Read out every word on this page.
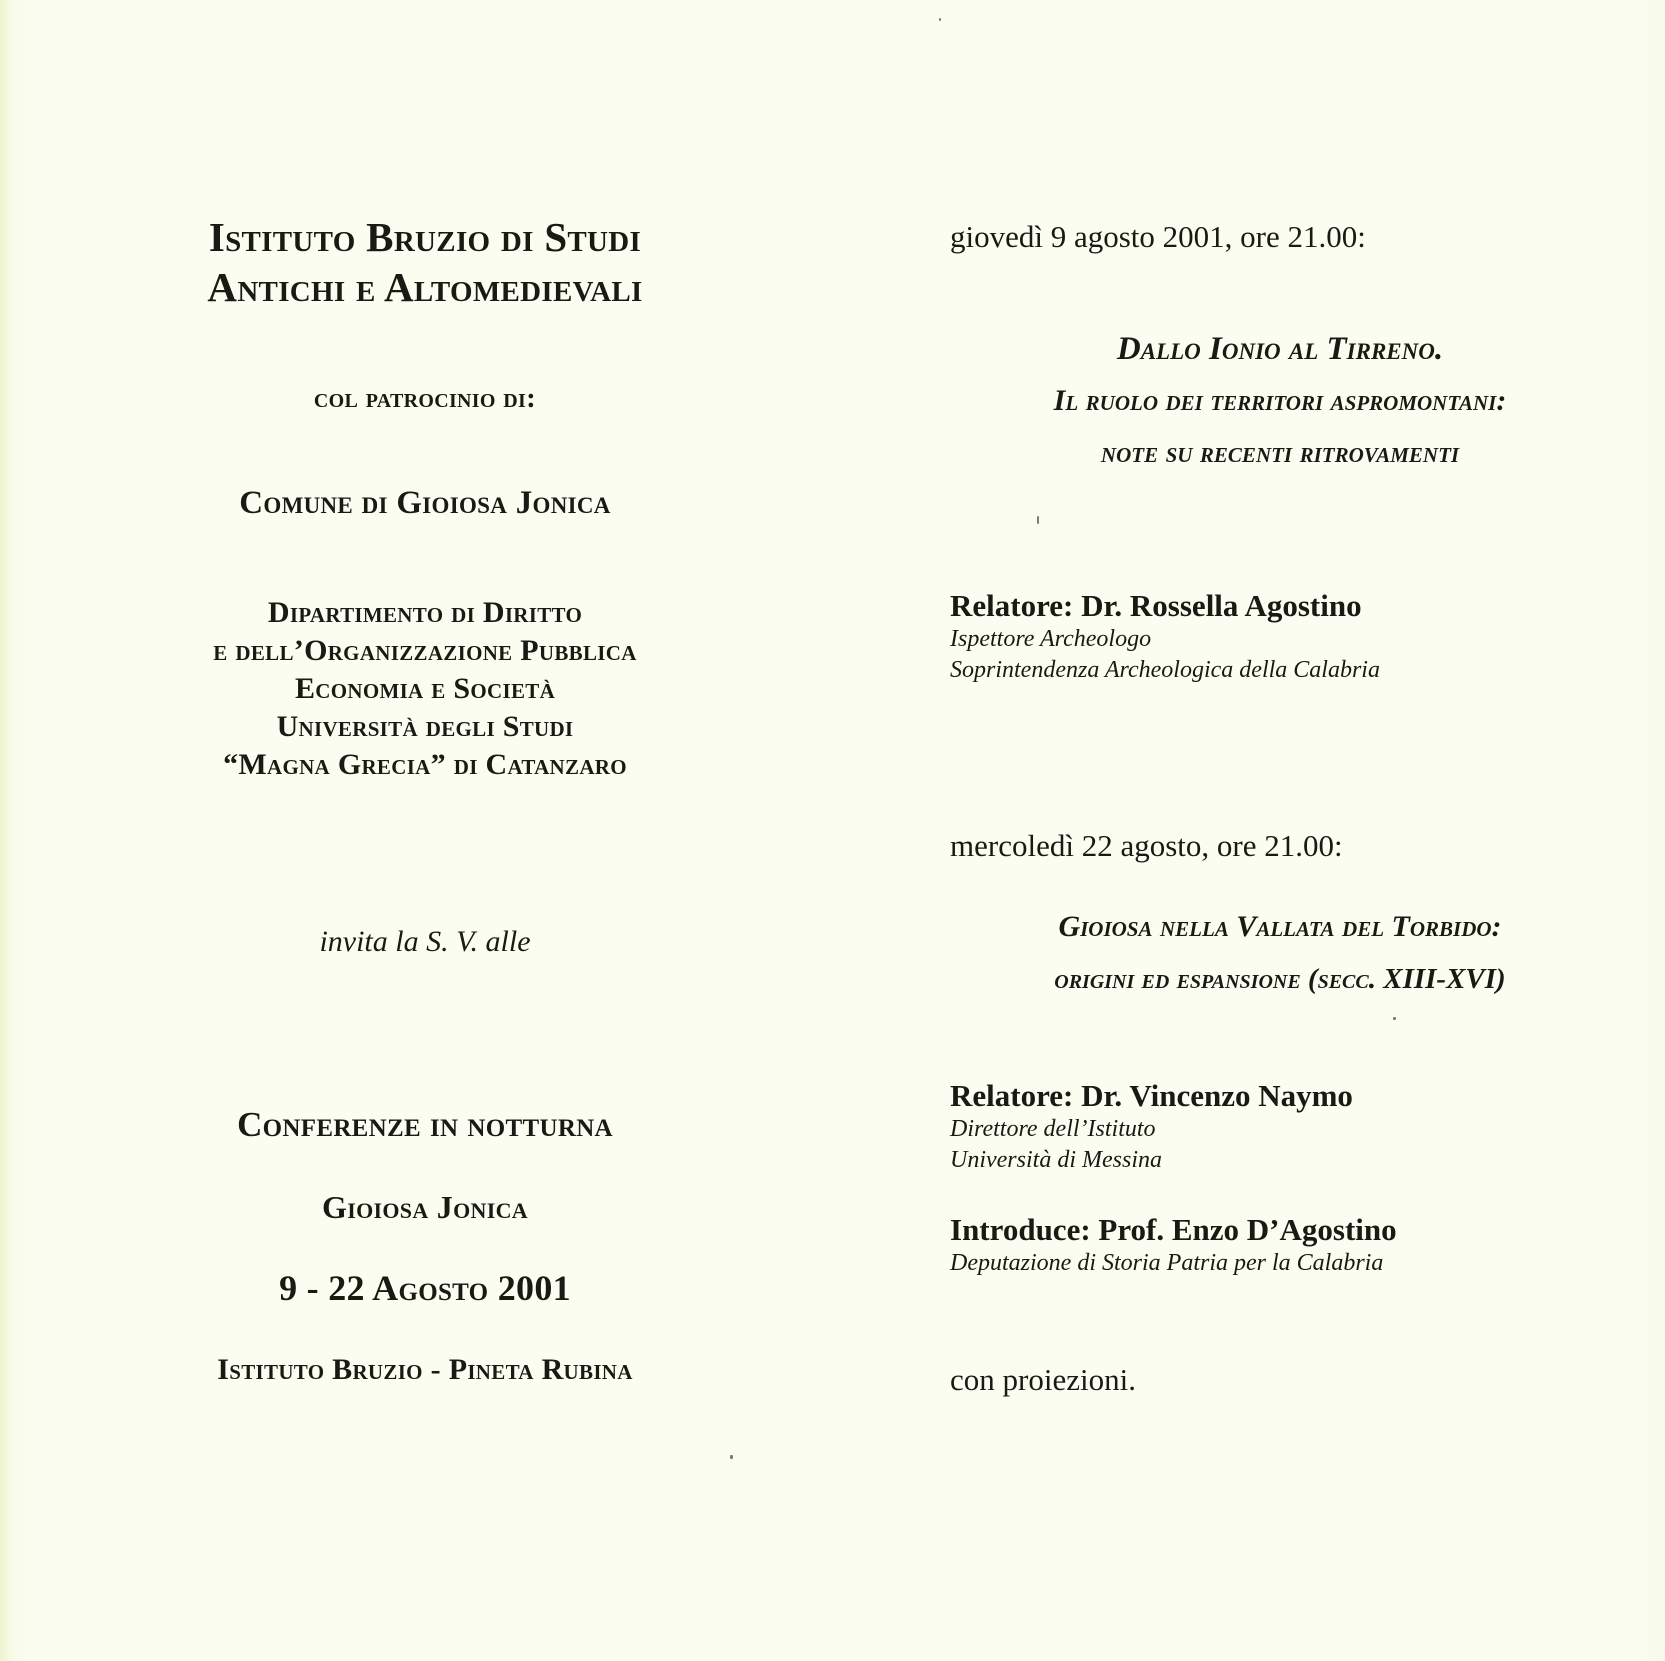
Istituto Bruzio di Studi

Antichi e Altomedievali

col patrocinio di:

Comune di Gioiosa Jonica

Dipartimento di Diritto

e dell’Organizzazione Pubblica

Economia e Società

Università degli Studi

“Magna Grecia” di Catanzaro

invita la S. V. alle

Conferenze in notturna

Gioiosa Jonica

9 - 22 Agosto 2001

Istituto Bruzio - Pineta Rubina

giovedì 9 agosto 2001, ore 21.00:

Dallo Ionio al Tirreno.

Il ruolo dei territori aspromontani:

note su recenti ritrovamenti

Relatore: Dr. Rossella Agostino
Ispettore Archeologo
Soprintendenza Archeologica della Calabria

mercoledì 22 agosto, ore 21.00:

Gioiosa nella Vallata del Torbido:

origini ed espansione (secc. XIII-XVI)

Relatore: Dr. Vincenzo Naymo
Direttore dell’Istituto
Università di Messina
Introduce: Prof. Enzo D’Agostino
Deputazione di Storia Patria per la Calabria

con proiezioni.
